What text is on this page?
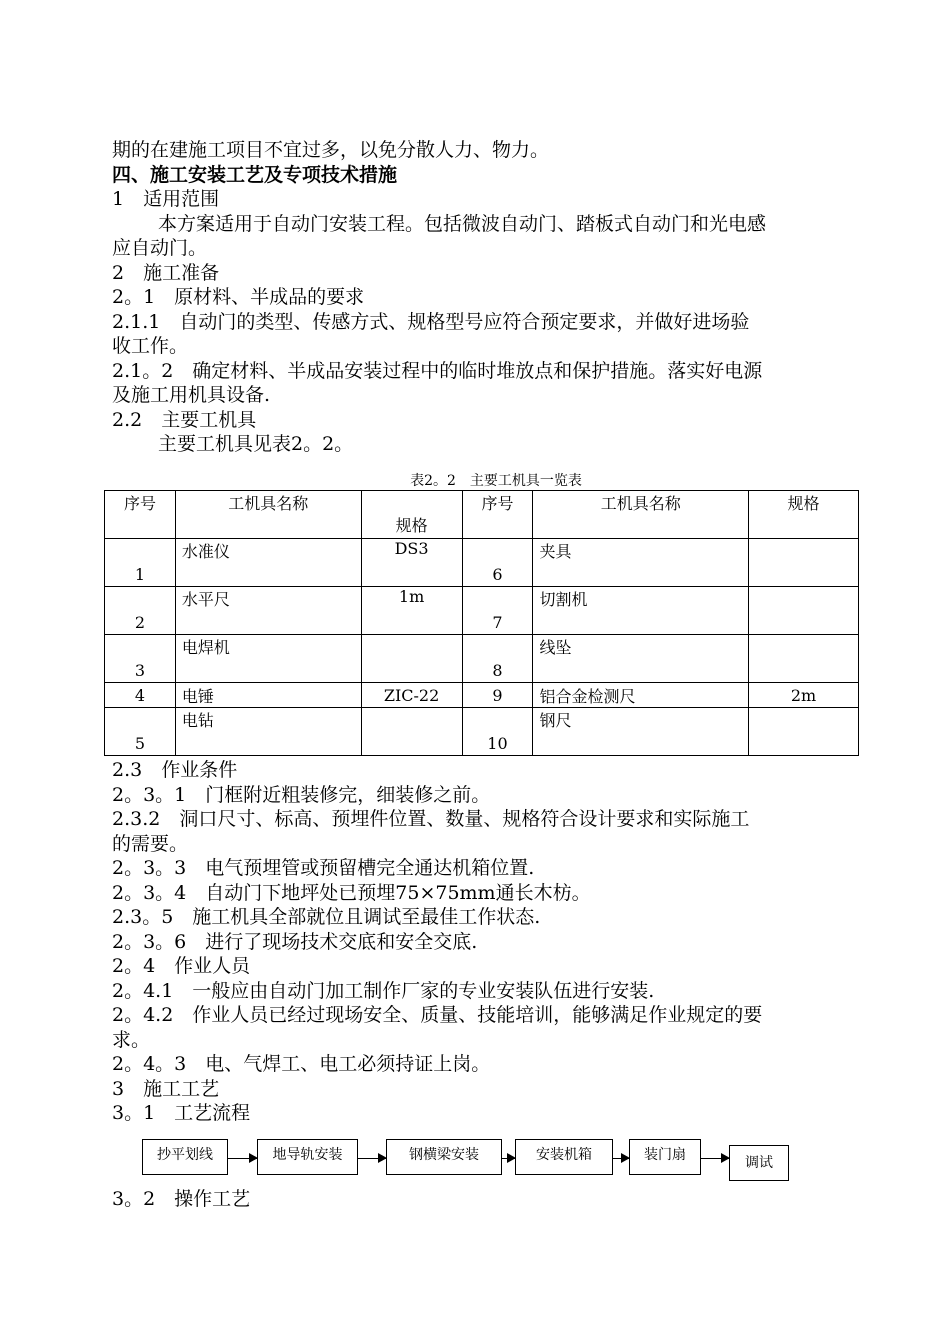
期的在建施工项目不宜过多，以免分散人力、物力。
四、施工安装工艺及专项技术措施
1　适用范围
本方案适用于自动门安装工程。包括微波自动门、踏板式自动门和光电感
应自动门。
2　施工准备
2。1　原材料、半成品的要求
2.1.1　自动门的类型、传感方式、规格型号应符合预定要求，并做好进场验
收工作。
2.1。2　确定材料、半成品安装过程中的临时堆放点和保护措施。落实好电源
及施工用机具设备.
2.2　主要工机具
主要工机具见表2。2。
表2。2　主要工机具一览表
序号	工机具名称	规格	序号	工机具名称	规格
1	水准仪	DS3	6	夹具	
2	水平尺	1m	7	切割机	
3	电焊机		8	线坠	
4	电锤	ZIC-22	9	铝合金检测尺	2m
5	电钻		10	钢尺	
2.3　作业条件
2。3。1　门框附近粗装修完，细装修之前。
2.3.2　洞口尺寸、标高、预埋件位置、数量、规格符合设计要求和实际施工
的需要。
2。3。3　电气预埋管或预留槽完全通达机箱位置.
2。3。4　自动门下地坪处已预埋75×75mm通长木枋。
2.3。5　施工机具全部就位且调试至最佳工作状态.
2。3。6　进行了现场技术交底和安全交底.
2。4　作业人员
2。4.1　一般应由自动门加工制作厂家的专业安装队伍进行安装.
2。4.2　作业人员已经过现场安全、质量、技能培训，能够满足作业规定的要
求。
2。4。3　电、气焊工、电工必须持证上岗。
3　施工工艺
3。1　工艺流程
抄平划线	地导轨安装	钢横梁安装	安装机箱	装门扇	调试
3。2　操作工艺
